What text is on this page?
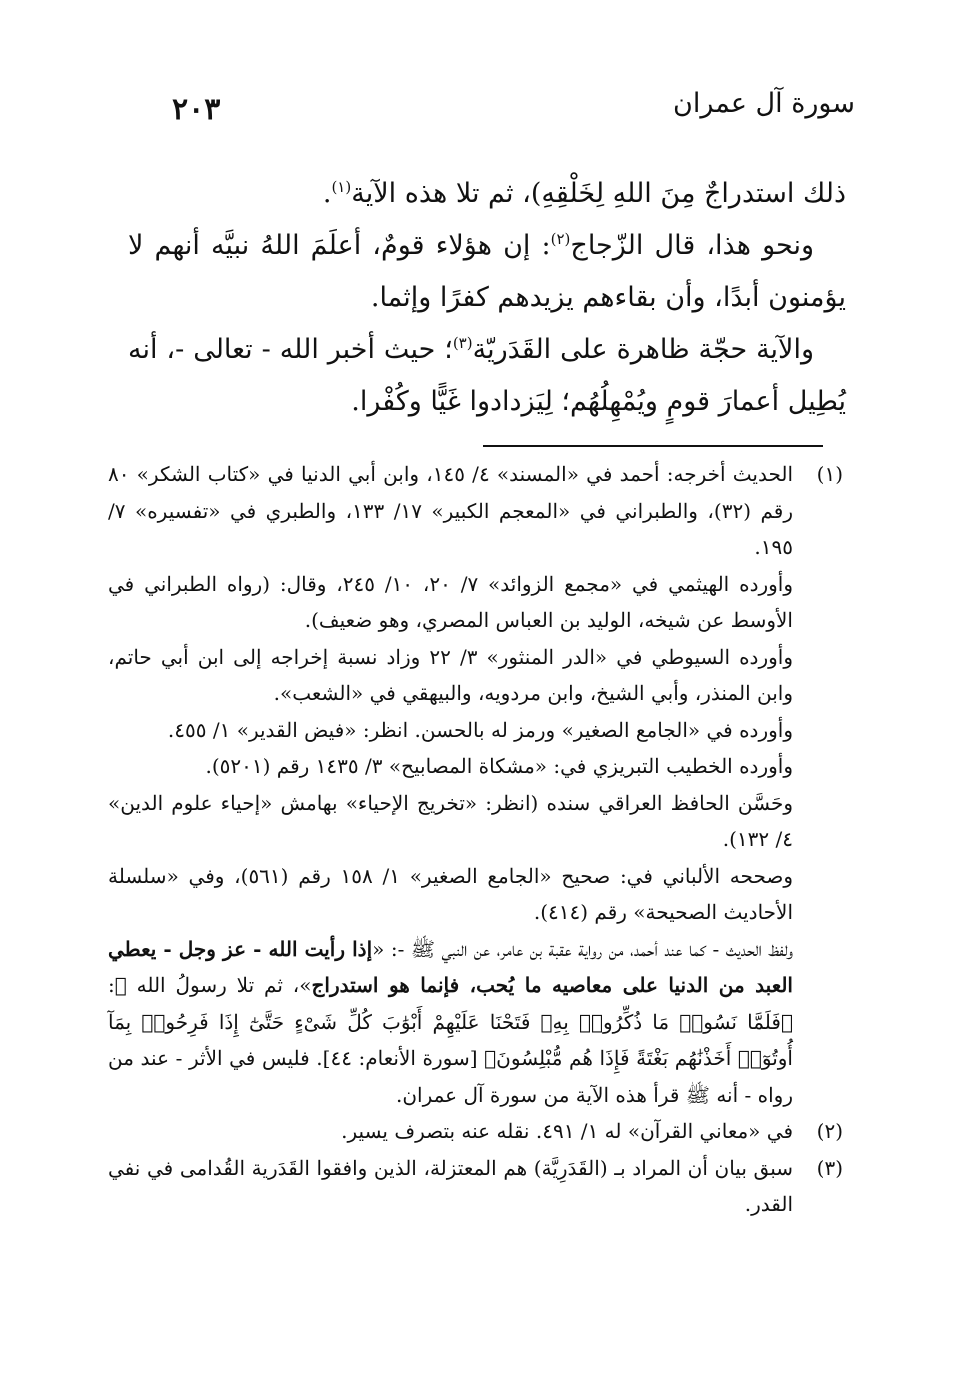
سورة آل عمران
٢٠٣

ذلك استدراجٌ مِنَ اللهِ لِخَلْقِهِ)، ثم تلا هذه الآية$^{(١)}$.

ونحو هذا، قال الزّجاج$^{(٢)}$: إن هؤلاء قومٌ، أعلَمَ اللهُ نبيَّه أنهم لا يؤمنون أبدًا، وأن بقاءهم يزيدهم كفرًا وإثما.

والآية حجّة ظاهرة على القَدَريّة$^{(٣)}$؛ حيث أخبر الله - تعالى -، أنه يُطِيل أعمارَ قومٍ ويُمْهِلُهُم؛ لِيَزدادوا غَيًّا وكُفْرا.

(١)

الحديث أخرجه: أحمد في «المسند» ٤/ ١٤٥، وابن أبي الدنيا في «كتاب الشكر» ٨٠ رقم (٣٢)، والطبراني في «المعجم الكبير» ١٧/ ١٣٣، والطبري في «تفسيره» ٧/ ١٩٥.

وأورده الهيثمي في «مجمع الزوائد» ٧/ ٢٠، ١٠/ ٢٤٥، وقال: (رواه الطبراني في الأوسط عن شيخه، الوليد بن العباس المصري، وهو ضعيف).

وأورده السيوطي في «الدر المنثور» ٣/ ٢٢ وزاد نسبة إخراجه إلى ابن أبي حاتم، وابن المنذر، وأبي الشيخ، وابن مردويه، والبيهقي في «الشعب».

وأورده في «الجامع الصغير» ورمز له بالحسن. انظر: «فيض القدير» ١/ ٤٥٥.

وأورده الخطيب التبريزي في: «مشكاة المصابيح» ٣/ ١٤٣٥ رقم (٥٢٠١).

وحَسَّن الحافظ العراقي سنده (انظر: «تخريج الإحياء» بهامش «إحياء علوم الدين» ٤/ ١٣٢).

وصححه الألباني في: صحيح «الجامع الصغير» ١/ ١٥٨ رقم (٥٦١)، وفي «سلسلة الأحاديث الصحيحة» رقم (٤١٤).

ولفظ الحديث - كما عند أحمد، من رواية عقبة بن عامر، عن النبي ﷺ -: «إذا رأيت الله - عز وجل - يعطي العبد من الدنيا على معاصيه ما يُحب، فإنما هو استدراج»، ثم تلا رسولُ الله ﷺ: ﴿فَلَمَّا نَسُوا۟ مَا ذُكِّرُوا۟ بِهِۦ فَتَحْنَا عَلَيْهِمْ أَبْوَٰبَ كُلِّ شَىْءٍ حَتَّىٰٓ إِذَا فَرِحُوا۟ بِمَآ أُوتُوٓا۟ أَخَذْنَٰهُم بَغْتَةً فَإِذَا هُم مُّبْلِسُونَ﴾ [سورة الأنعام: ٤٤]. فليس في الأثر - عند من رواه - أنه ﷺ قرأ هذه الآية من سورة آل عمران.

(٢)

في «معاني القرآن» له ١/ ٤٩١. نقله عنه بتصرف يسير.

(٣)

سبق بيان أن المراد بـ (القَدَرِيَّة) هم المعتزلة، الذين وافقوا القَدَرية القُدامى في نفي القدر.
